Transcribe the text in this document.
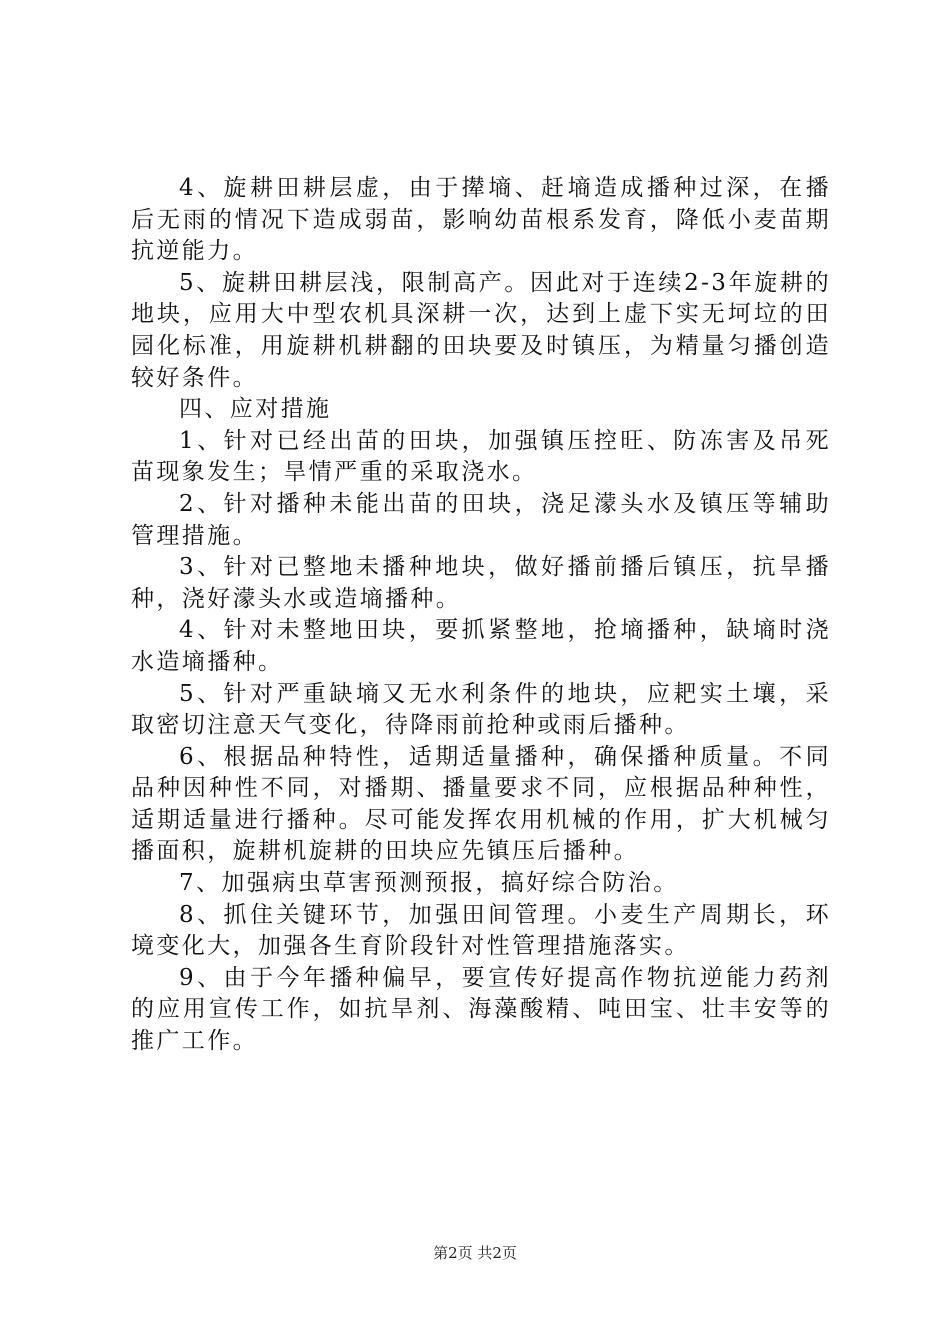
4、旋耕田耕层虚，由于撵墒、赶墒造成播种过深，在播后无雨的情况下造成弱苗，影响幼苗根系发育，降低小麦苗期抗逆能力。

5、旋耕田耕层浅，限制高产。因此对于连续2-3年旋耕的地块，应用大中型农机具深耕一次，达到上虚下实无坷垃的田园化标准，用旋耕机耕翻的田块要及时镇压，为精量匀播创造较好条件。

四、应对措施

1、针对已经出苗的田块，加强镇压控旺、防冻害及吊死苗现象发生；旱情严重的采取浇水。

2、针对播种未能出苗的田块，浇足濛头水及镇压等辅助管理措施。

3、针对已整地未播种地块，做好播前播后镇压，抗旱播种，浇好濛头水或造墒播种。

4、针对未整地田块，要抓紧整地，抢墒播种，缺墒时浇水造墒播种。

5、针对严重缺墒又无水利条件的地块，应耙实土壤，采取密切注意天气变化，待降雨前抢种或雨后播种。

6、根据品种特性，适期适量播种，确保播种质量。不同品种因种性不同，对播期、播量要求不同，应根据品种种性，适期适量进行播种。尽可能发挥农用机械的作用，扩大机械匀播面积，旋耕机旋耕的田块应先镇压后播种。

7、加强病虫草害预测预报，搞好综合防治。

8、抓住关键环节，加强田间管理。小麦生产周期长，环境变化大，加强各生育阶段针对性管理措施落实。

9、由于今年播种偏早，要宣传好提高作物抗逆能力药剂的应用宣传工作，如抗旱剂、海藻酸精、吨田宝、壮丰安等的推广工作。

第2页 共2页
